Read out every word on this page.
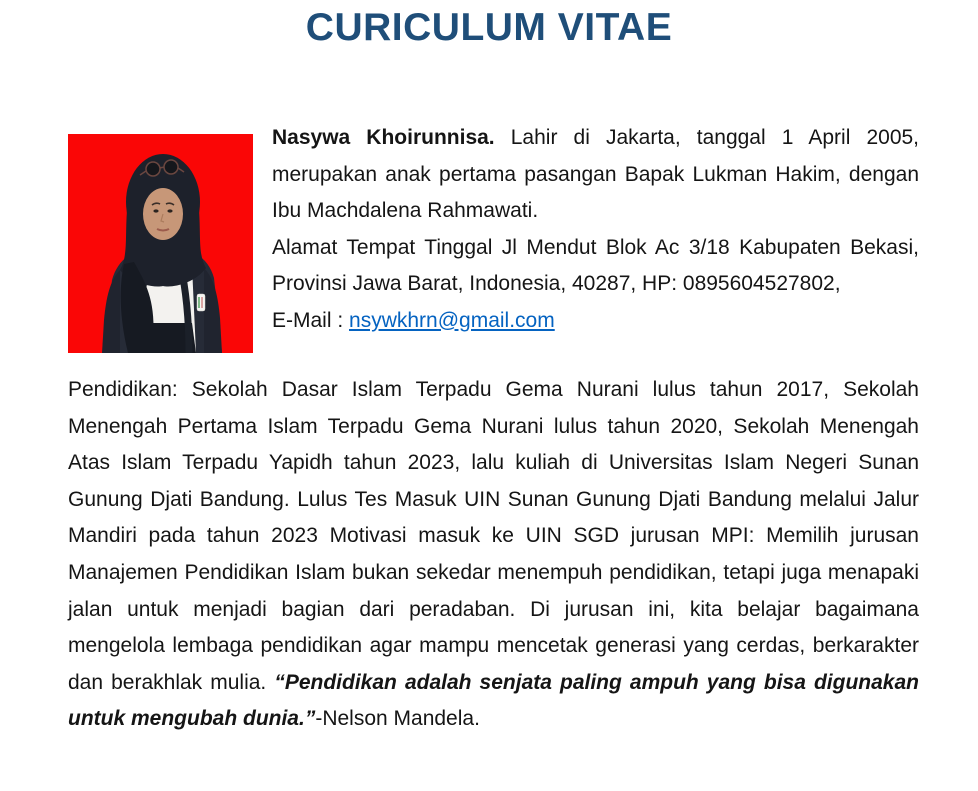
CURICULUM VITAE

Nasywa Khoirunnisa. Lahir di Jakarta, tanggal 1 April 2005, merupakan anak pertama pasangan Bapak Lukman Hakim, dengan Ibu Machdalena Rahmawati.

Alamat Tempat Tinggal Jl Mendut Blok Ac 3/18 Kabupaten Bekasi, Provinsi Jawa Barat, Indonesia, 40287, HP: 0895604527802,

E-Mail : nsywkhrn@gmail.com

Pendidikan: Sekolah Dasar Islam Terpadu Gema Nurani lulus tahun 2017, Sekolah Menengah Pertama Islam Terpadu Gema Nurani lulus tahun 2020, Sekolah Menengah Atas Islam Terpadu Yapidh tahun 2023, lalu kuliah di Universitas Islam Negeri Sunan Gunung Djati Bandung. Lulus Tes Masuk UIN Sunan Gunung Djati Bandung melalui Jalur Mandiri pada tahun 2023 Motivasi masuk ke UIN SGD jurusan MPI: Memilih jurusan Manajemen Pendidikan Islam bukan sekedar menempuh pendidikan, tetapi juga menapaki jalan untuk menjadi bagian dari peradaban. Di jurusan ini, kita belajar bagaimana mengelola lembaga pendidikan agar mampu mencetak generasi yang cerdas, berkarakter dan berakhlak mulia. “Pendidikan adalah senjata paling ampuh yang bisa digunakan untuk mengubah dunia.”-Nelson Mandela.
